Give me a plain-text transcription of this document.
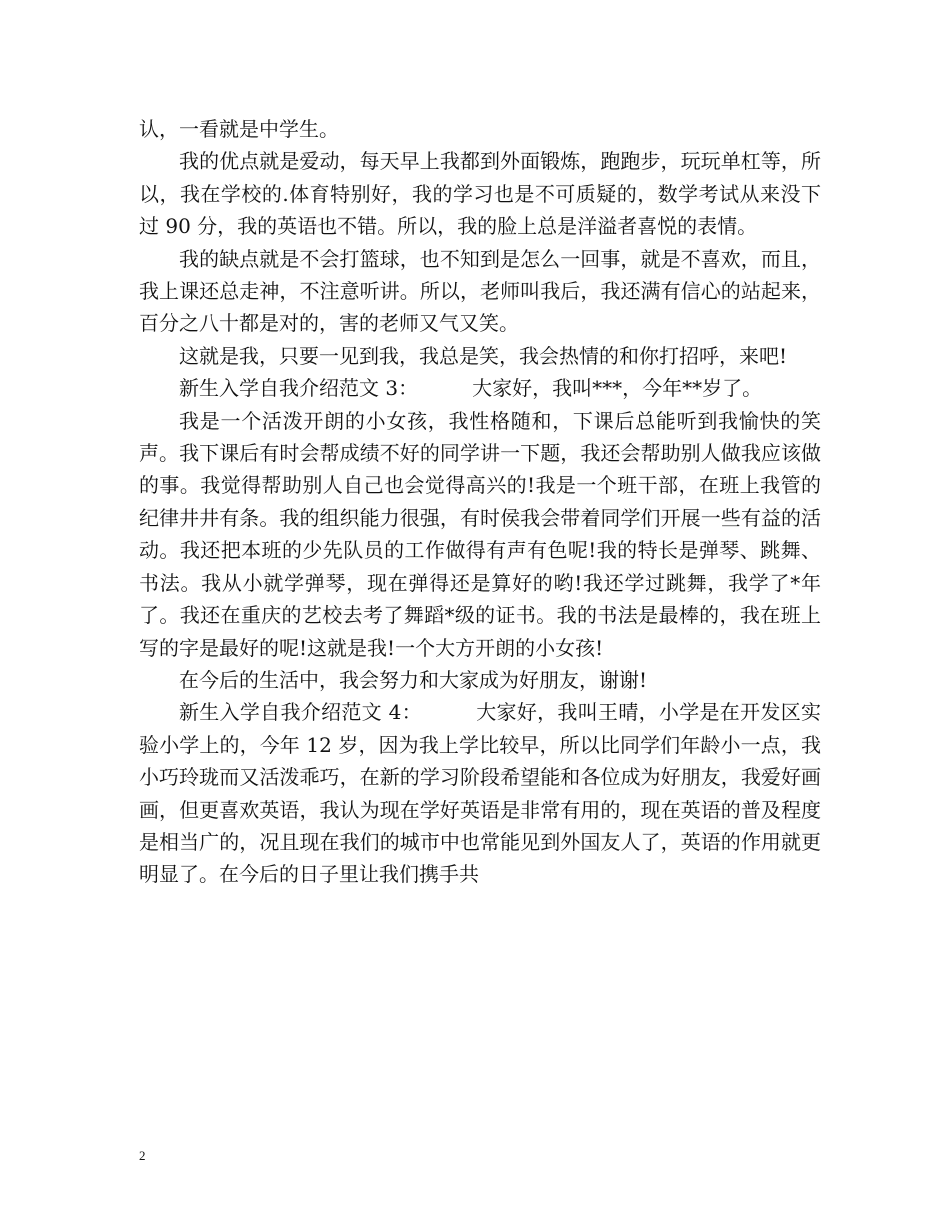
认，一看就是中学生。

我的优点就是爱动，每天早上我都到外面锻炼，跑跑步，玩玩单杠等，所以，我在学校的.体育特别好，我的学习也是不可质疑的，数学考试从来没下过 90 分，我的英语也不错。所以，我的脸上总是洋溢者喜悦的表情。

我的缺点就是不会打篮球，也不知到是怎么一回事，就是不喜欢，而且，我上课还总走神，不注意听讲。所以，老师叫我后，我还满有信心的站起来，百分之八十都是对的，害的老师又气又笑。

这就是我，只要一见到我，我总是笑，我会热情的和你打招呼，来吧!

新生入学自我介绍范文 3：	大家好，我叫***，今年**岁了。

我是一个活泼开朗的小女孩，我性格随和，下课后总能听到我愉快的笑声。我下课后有时会帮成绩不好的同学讲一下题，我还会帮助别人做我应该做的事。我觉得帮助别人自己也会觉得高兴的!我是一个班干部，在班上我管的纪律井井有条。我的组织能力很强，有时侯我会带着同学们开展一些有益的活动。我还把本班的少先队员的工作做得有声有色呢!我的特长是弹琴、跳舞、书法。我从小就学弹琴，现在弹得还是算好的哟!我还学过跳舞，我学了*年了。我还在重庆的艺校去考了舞蹈*级的证书。我的书法是最棒的，我在班上写的字是最好的呢!这就是我!一个大方开朗的小女孩!

在今后的生活中，我会努力和大家成为好朋友，谢谢!

新生入学自我介绍范文 4：	大家好，我叫王晴，小学是在开发区实验小学上的，今年 12 岁，因为我上学比较早，所以比同学们年龄小一点，我小巧玲珑而又活泼乖巧，在新的学习阶段希望能和各位成为好朋友，我爱好画画，但更喜欢英语，我认为现在学好英语是非常有用的，现在英语的普及程度是相当广的，况且现在我们的城市中也常能见到外国友人了，英语的作用就更明显了。在今后的日子里让我们携手共

2
